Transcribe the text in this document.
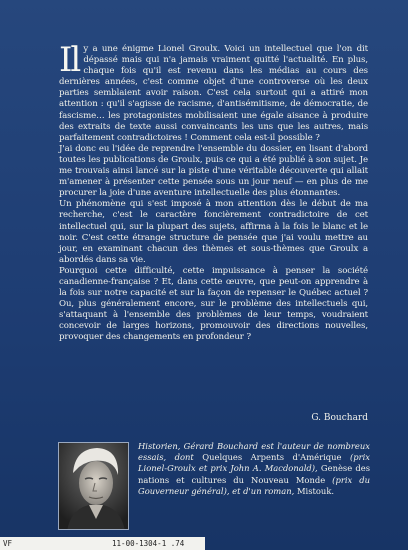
Il y a une énigme Lionel Groulx. Voici un intellectuel que l'on dit dépassé mais qui n'a jamais vraiment quitté l'actualité. En plus, chaque fois qu'il est revenu dans les médias au cours des dernières années, c'est comme objet d'une controverse où les deux parties semblaient avoir raison. C'est cela surtout qui a attiré mon attention : qu'il s'agisse de racisme, d'antisémitisme, de démocratie, de fascisme… les protagonistes mobilisaient une égale aisance à produire des extraits de texte aussi convaincants les uns que les autres, mais parfaitement contradictoires ! Comment cela est-il possible ?

J'ai donc eu l'idée de reprendre l'ensemble du dossier, en lisant d'abord toutes les publications de Groulx, puis ce qui a été publié à son sujet. Je me trouvais ainsi lancé sur la piste d'une véritable découverte qui allait m'amener à présenter cette pensée sous un jour neuf — en plus de me procurer la joie d'une aventure intellectuelle des plus étonnantes.

Un phénomène qui s'est imposé à mon attention dès le début de ma recherche, c'est le caractère foncièrement contradictoire de cet intellectuel qui, sur la plupart des sujets, affirma à la fois le blanc et le noir. C'est cette étrange structure de pensée que j'ai voulu mettre au jour, en examinant chacun des thèmes et sous-thèmes que Groulx a abordés dans sa vie.

Pourquoi cette difficulté, cette impuissance à penser la société canadienne-française ? Et, dans cette œuvre, que peut-on apprendre à la fois sur notre capacité et sur la façon de repenser le Québec actuel ? Ou, plus généralement encore, sur le problème des intellectuels qui, s'attaquant à l'ensemble des problèmes de leur temps, voudraient concevoir de larges horizons, promouvoir des directions nouvelles, provoquer des changements en profondeur ?

G. Bouchard
Historien, Gérard Bouchard est l'auteur de nombreux essais, dont Quelques Arpents d'Amérique (prix Lionel-Groulx et prix John A. Macdonald), Genèse des nations et cultures du Nouveau Monde (prix du Gouverneur général), et d'un roman, Mistouk.
VF	11-00-1304-1 .74
